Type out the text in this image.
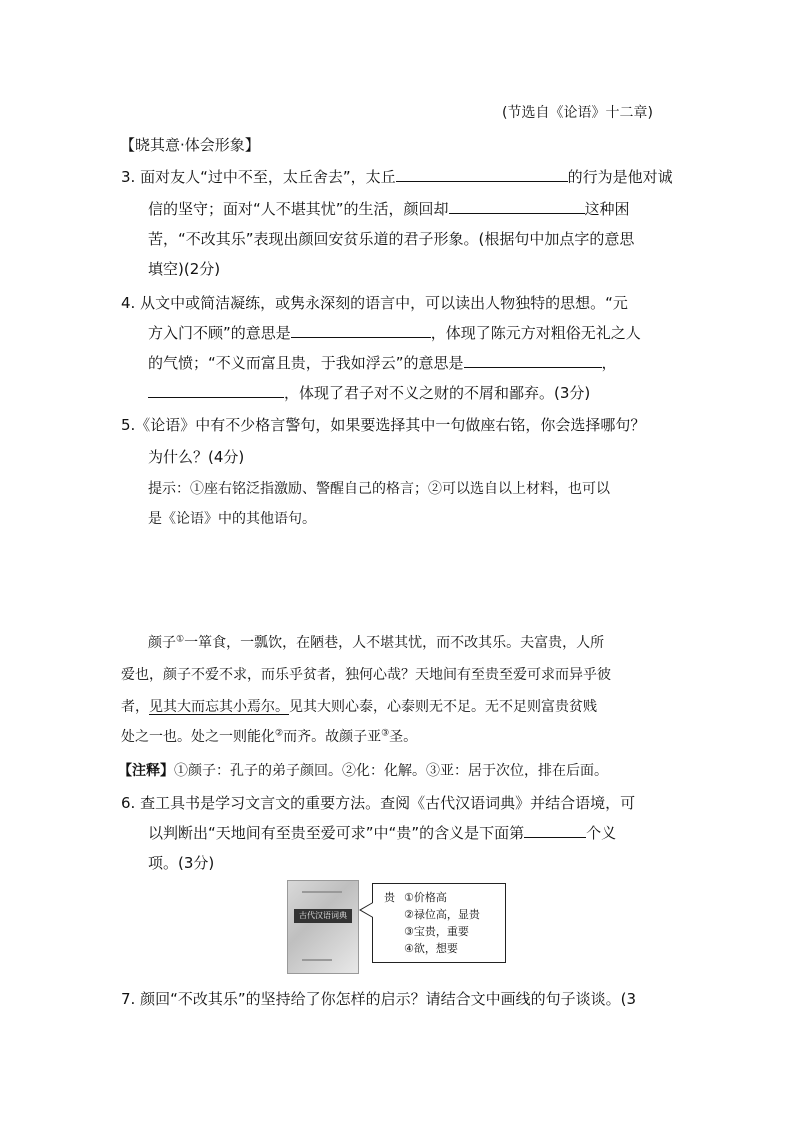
(节选自《论语》十二章)
【晓其意·体会形象】
3. 面对友人“过中不至，太丘舍去”，太丘	的行为是他对诚
信的坚守；面对“人不堪其忧”的生活，颜回却	这种困
苦，“不改其乐”表现出颜回安贫乐道的君子形象。(根据句中加点字的意思
填空)(2分)
4. 从文中或简洁凝练，或隽永深刻的语言中，可以读出人物独特的思想。“元
方入门不顾”的意思是	，体现了陈元方对粗俗无礼之人
的气愤；“不义而富且贵，于我如浮云”的意思是	，
，体现了君子对不义之财的不屑和鄙弃。(3分)
5.《论语》中有不少格言警句，如果要选择其中一句做座右铭，你会选择哪句？
为什么？(4分)
提示：①座右铭泛指激励、警醒自己的格言；②可以选自以上材料，也可以
是《论语》中的其他语句。
颜子①一箪食，一瓢饮，在陋巷，人不堪其忧，而不改其乐。夫富贵，人所
爱也，颜子不爱不求，而乐乎贫者，独何心哉？天地间有至贵至爱可求而异乎彼
者，见其大而忘其小焉尔。见其大则心泰，心泰则无不足。无不足则富贵贫贱
处之一也。处之一则能化②而齐。故颜子亚③圣。
【注释】①颜子：孔子的弟子颜回。②化：化解。③亚：居于次位，排在后面。
6. 查工具书是学习文言文的重要方法。查阅《古代汉语词典》并结合语境，可
以判断出“天地间有至贵至爱可求”中“贵”的含义是下面第	个义
项。(3分)
古代汉语词典
贵 ①价格高
②禄位高，显贵
③宝贵，重要
④欲，想要
7. 颜回“不改其乐”的坚持给了你怎样的启示？请结合文中画线的句子谈谈。(3
